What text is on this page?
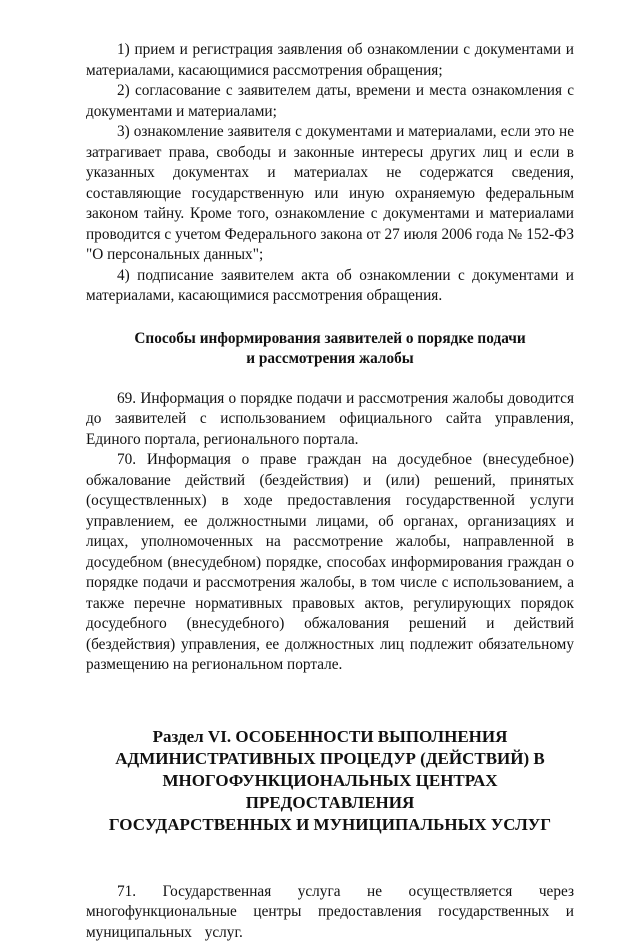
1) прием и регистрация заявления об ознакомлении с документами и материалами, касающимися рассмотрения обращения;

2) согласование с заявителем даты, времени и места ознакомления с документами и материалами;

3) ознакомление заявителя с документами и материалами, если это не затрагивает права, свободы и законные интересы других лиц и если в указанных документах и материалах не содержатся сведения, составляющие государственную или иную охраняемую федеральным законом тайну. Кроме того, ознакомление с документами и материалами проводится с учетом Федерального закона от 27 июля 2006 года № 152-ФЗ "О персональных данных";

4) подписание заявителем акта об ознакомлении с документами и материалами, касающимися рассмотрения обращения.

Способы информирования заявителей о порядке подачи
и рассмотрения жалобы

69. Информация о порядке подачи и рассмотрения жалобы доводится до заявителей с использованием официального сайта управления, Единого портала, регионального портала.

70. Информация о праве граждан на досудебное (внесудебное) обжалование действий (бездействия) и (или) решений, принятых (осуществленных) в ходе предоставления государственной услуги управлением, ее должностными лицами, об органах, организациях и лицах, уполномоченных на рассмотрение жалобы, направленной в досудебном (внесудебном) порядке, способах информирования граждан о порядке подачи и рассмотрения жалобы, в том числе с использованием, а также перечне нормативных правовых актов, регулирующих порядок досудебного (внесудебного) обжалования решений и действий (бездействия) управления, ее должностных лиц подлежит обязательному размещению на региональном портале.

Раздел VI. ОСОБЕННОСТИ ВЫПОЛНЕНИЯ
АДМИНИСТРАТИВНЫХ ПРОЦЕДУР (ДЕЙСТВИЙ) В
МНОГОФУНКЦИОНАЛЬНЫХ ЦЕНТРАХ ПРЕДОСТАВЛЕНИЯ
ГОСУДАРСТВЕННЫХ И МУНИЦИПАЛЬНЫХ УСЛУГ

71. Государственная услуга не осуществляется через многофункциональные центры предоставления государственных и муниципальных услуг.
